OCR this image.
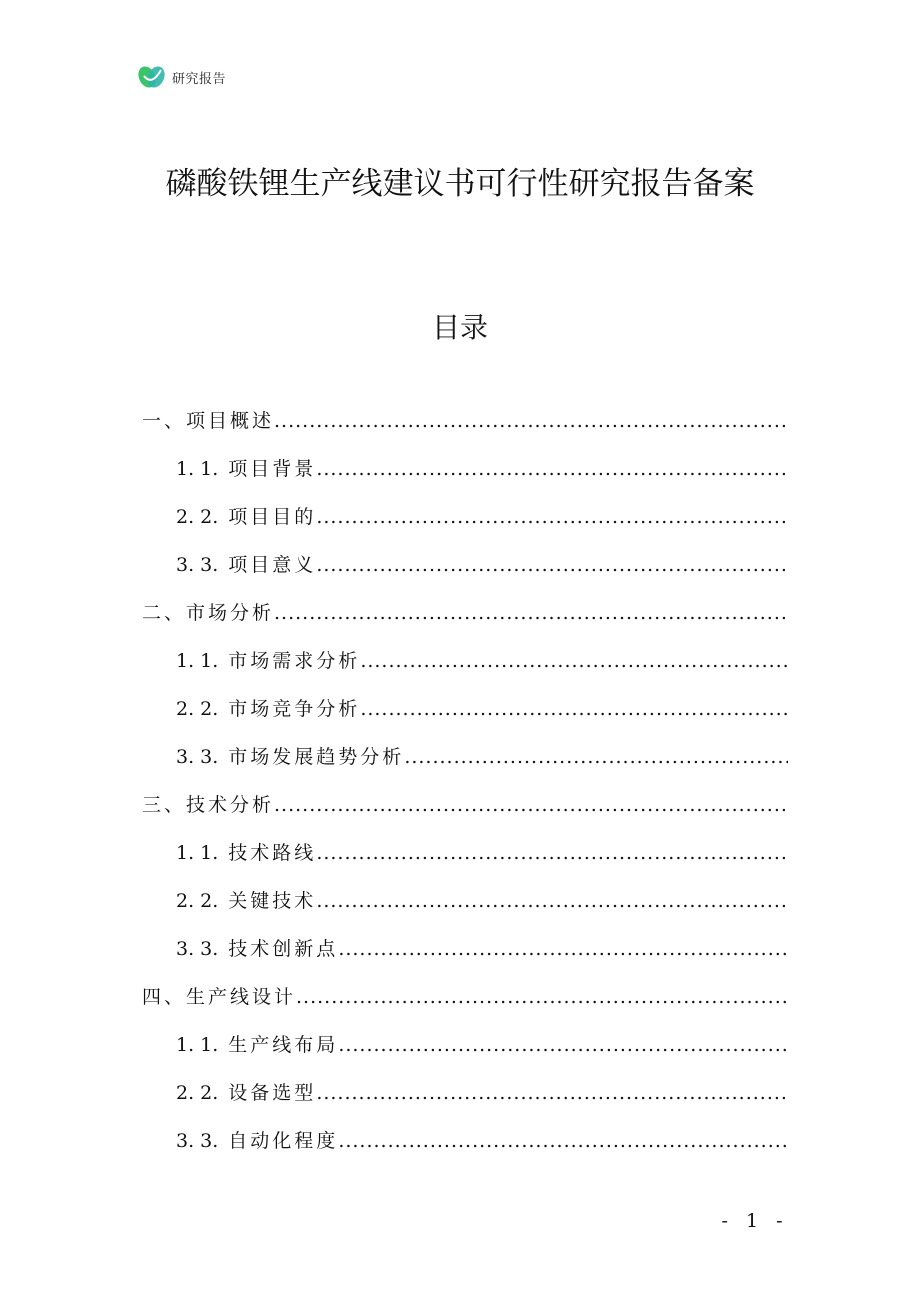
研究报告
磷酸铁锂生产线建议书可行性研究报告备案
目录
一、项目概述
.....
1. 1. 项目背景
.....
2. 2. 项目目的
.....
3. 3. 项目意义
.....
二、市场分析
.....
1. 1. 市场需求分析
.....
2. 2. 市场竞争分析
.....
3. 3. 市场发展趋势分析
.....
三、技术分析
.....
1. 1. 技术路线
.....
2. 2. 关键技术
.....
3. 3. 技术创新点
.....
四、生产线设计
.....
1. 1. 生产线布局
.....
2. 2. 设备选型
.....
3. 3. 自动化程度
.....
- 1 -
